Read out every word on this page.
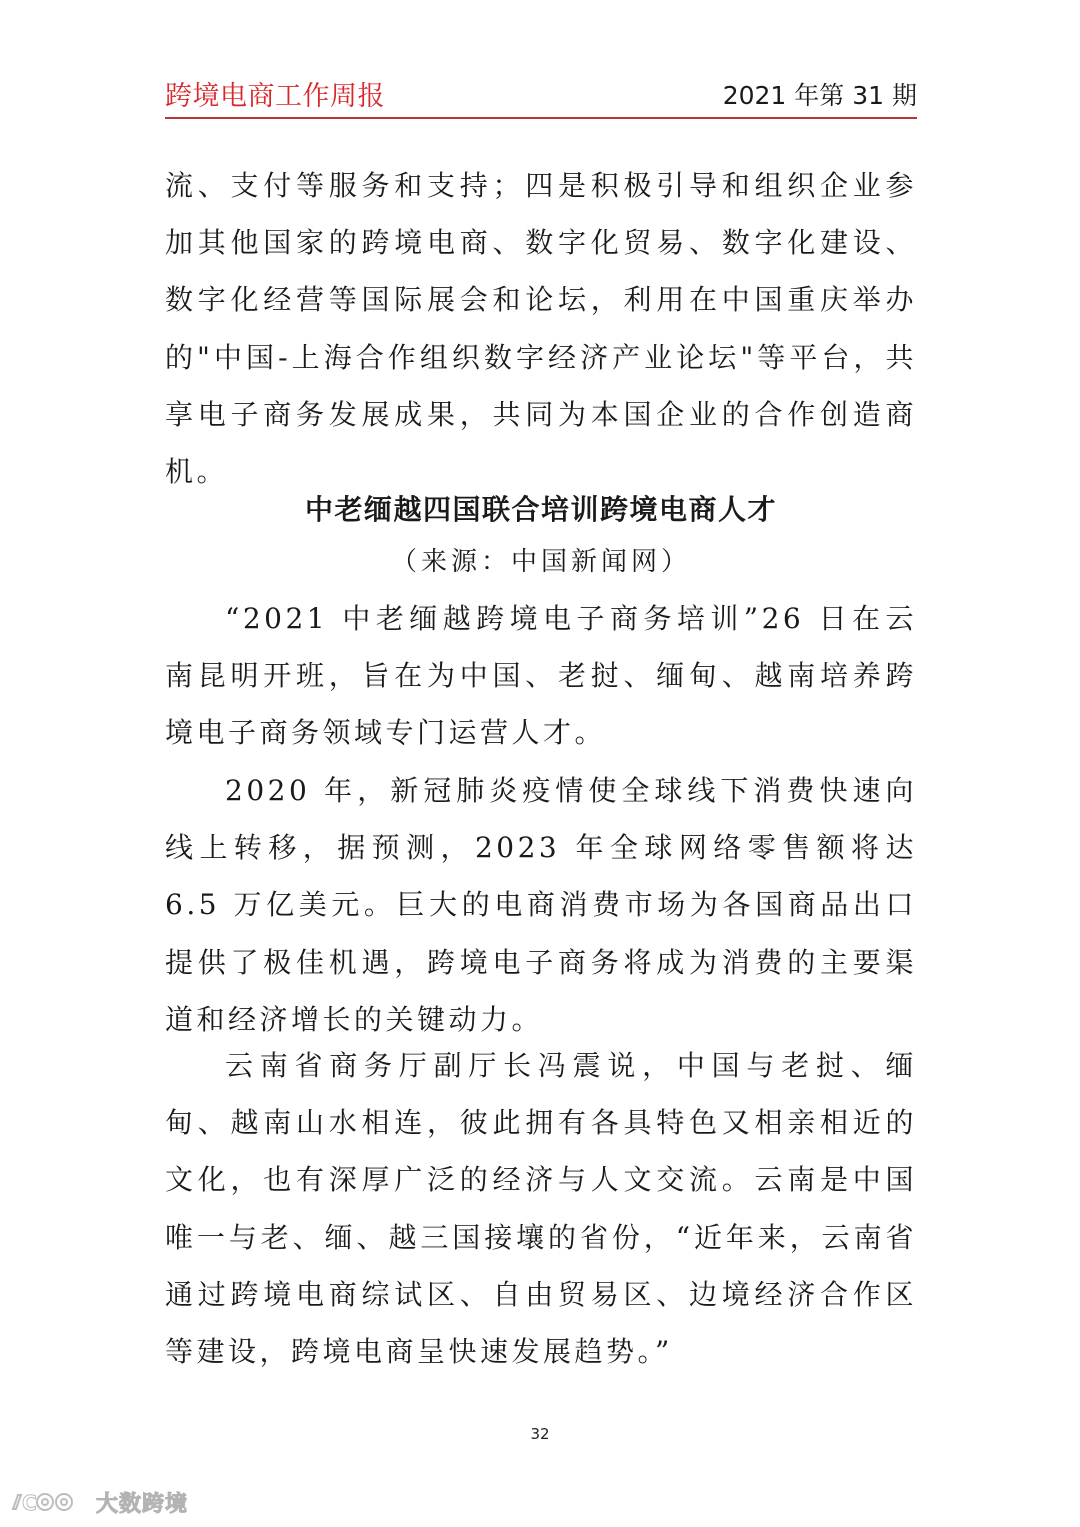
跨境电商工作周报	2021 年第 31 期

流、支付等服务和支持；四是积极引导和组织企业参加其他国家的跨境电商、数字化贸易、数字化建设、数字化经营等国际展会和论坛，利用在中国重庆举办的"中国-上海合作组织数字经济产业论坛"等平台，共享电子商务发展成果，共同为本国企业的合作创造商机。

中老缅越四国联合培训跨境电商人才

（来源：中国新闻网）

“2021 中老缅越跨境电子商务培训”26 日在云南昆明开班，旨在为中国、老挝、缅甸、越南培养跨境电子商务领域专门运营人才。

2020 年，新冠肺炎疫情使全球线下消费快速向线上转移，据预测，2023 年全球网络零售额将达 6.5 万亿美元。巨大的电商消费市场为各国商品出口提供了极佳机遇，跨境电子商务将成为消费的主要渠道和经济增长的关键动力。

云南省商务厅副厅长冯震说，中国与老挝、缅甸、越南山水相连，彼此拥有各具特色又相亲相近的文化，也有深厚广泛的经济与人文交流。云南是中国唯一与老、缅、越三国接壤的省份，“近年来，云南省通过跨境电商综试区、自由贸易区、边境经济合作区等建设，跨境电商呈快速发展趋势。”

32
C	大数跨境
